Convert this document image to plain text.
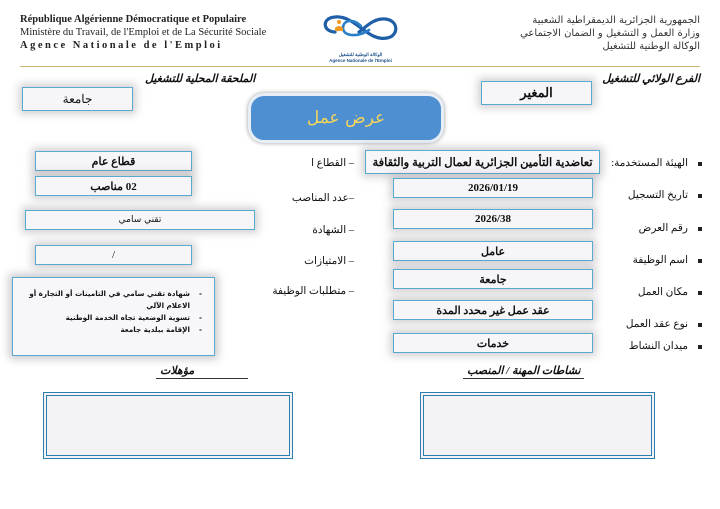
République Algérienne Démocratique et Populaire
Ministère du Travail, de l'Emploi et de La Sécurité Sociale
Agence Nationale de l'Emploi
الوكالة الوطنية للتشغيل
Agence Nationale de l'Emploi
الجمهورية الجزائرية الديمقراطية الشعبية
وزارة العمل و التشغيل و الضمان الاجتماعي
الوكالة الوطنية للتشغيل
الفرع الولائي للتشغيل
المغير
الملحقة المحلية للتشغيل
جامعة
عرض عمل
الهيئة المستخدمة:
تاريخ التسجيل
رقم العرض
اسم الوظيفة
مكان العمل
نوع عقد العمل
ميدان النشاط
تعاضدية التأمين الجزائرية لعمال التربية والثقافة
2026/01/19
2026/38
عامل
جامعة
عقد عمل غير محدد المدة
خدمات
– القطاع ا
–عدد المناصب
– الشهادة
– الامتيازات
– متطلبات الوظيفة
قطاع عام
02 مناصب
تقني سامي
/
- شهادة تقني سامي في التامينات أو التجارة أو الاعلام الآلي
- تسوية الوضعية تجاه الخدمة الوطنية
- الإقامة ببلدية جامعة
نشاطات المهنة / المنصب
مؤهلات
